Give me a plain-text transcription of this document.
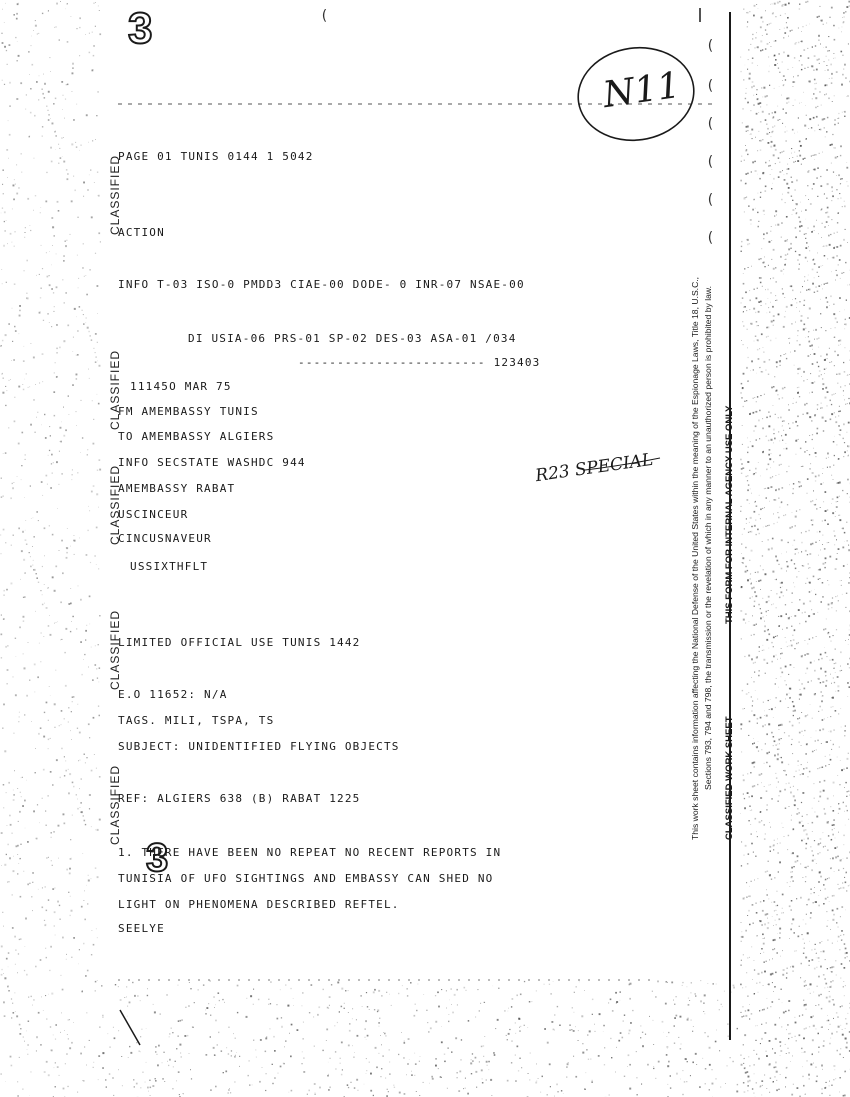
3
3
N11
(
(
(
(
(
(
(
CLASSIFIED
CLASSIFIED
CLASSIFIED
CLASSIFIED
CLASSIFIED
PAGE 01 TUNIS 0144 1 5042
ACTION
INFO T-03 ISO-0 PMDD3 CIAE-00 DODE- 0 INR-07 NSAE-00
DI USIA-06 PRS-01 SP-02 DES-03 ASA-01 /034
------------------------ 123403
11145O MAR 75
FM AMEMBASSY TUNIS
TO AMEMBASSY ALGIERS
INFO SECSTATE WASHDC 944
AMEMBASSY RABAT
USCINCEUR
CINCUSNAVEUR
USSIXTHFLT
R23 SPECIAL
LIMITED OFFICIAL USE TUNIS 1442
E.O 11652: N/A
TAGS. MILI, TSPA, TS
SUBJECT: UNIDENTIFIED FLYING OBJECTS
REF: ALGIERS 638 (B) RABAT 1225
1. THERE HAVE BEEN NO REPEAT NO RECENT REPORTS IN
TUNISIA OF UFO SIGHTINGS AND EMBASSY CAN SHED NO
LIGHT ON PHENOMENA DESCRIBED REFTEL.
SEELYE
This work sheet contains information affecting the National Defense of the United States within the meaning of the Espionage Laws, Title 18, U.S.C., Sections 793, 794 and 798, the transmission or the revelation of which in any manner to an unauthorized person is prohibited by law. CLASSIFIED WORK SHEET
THIS FORM FOR INTERNAL AGENCY USE ONLY
